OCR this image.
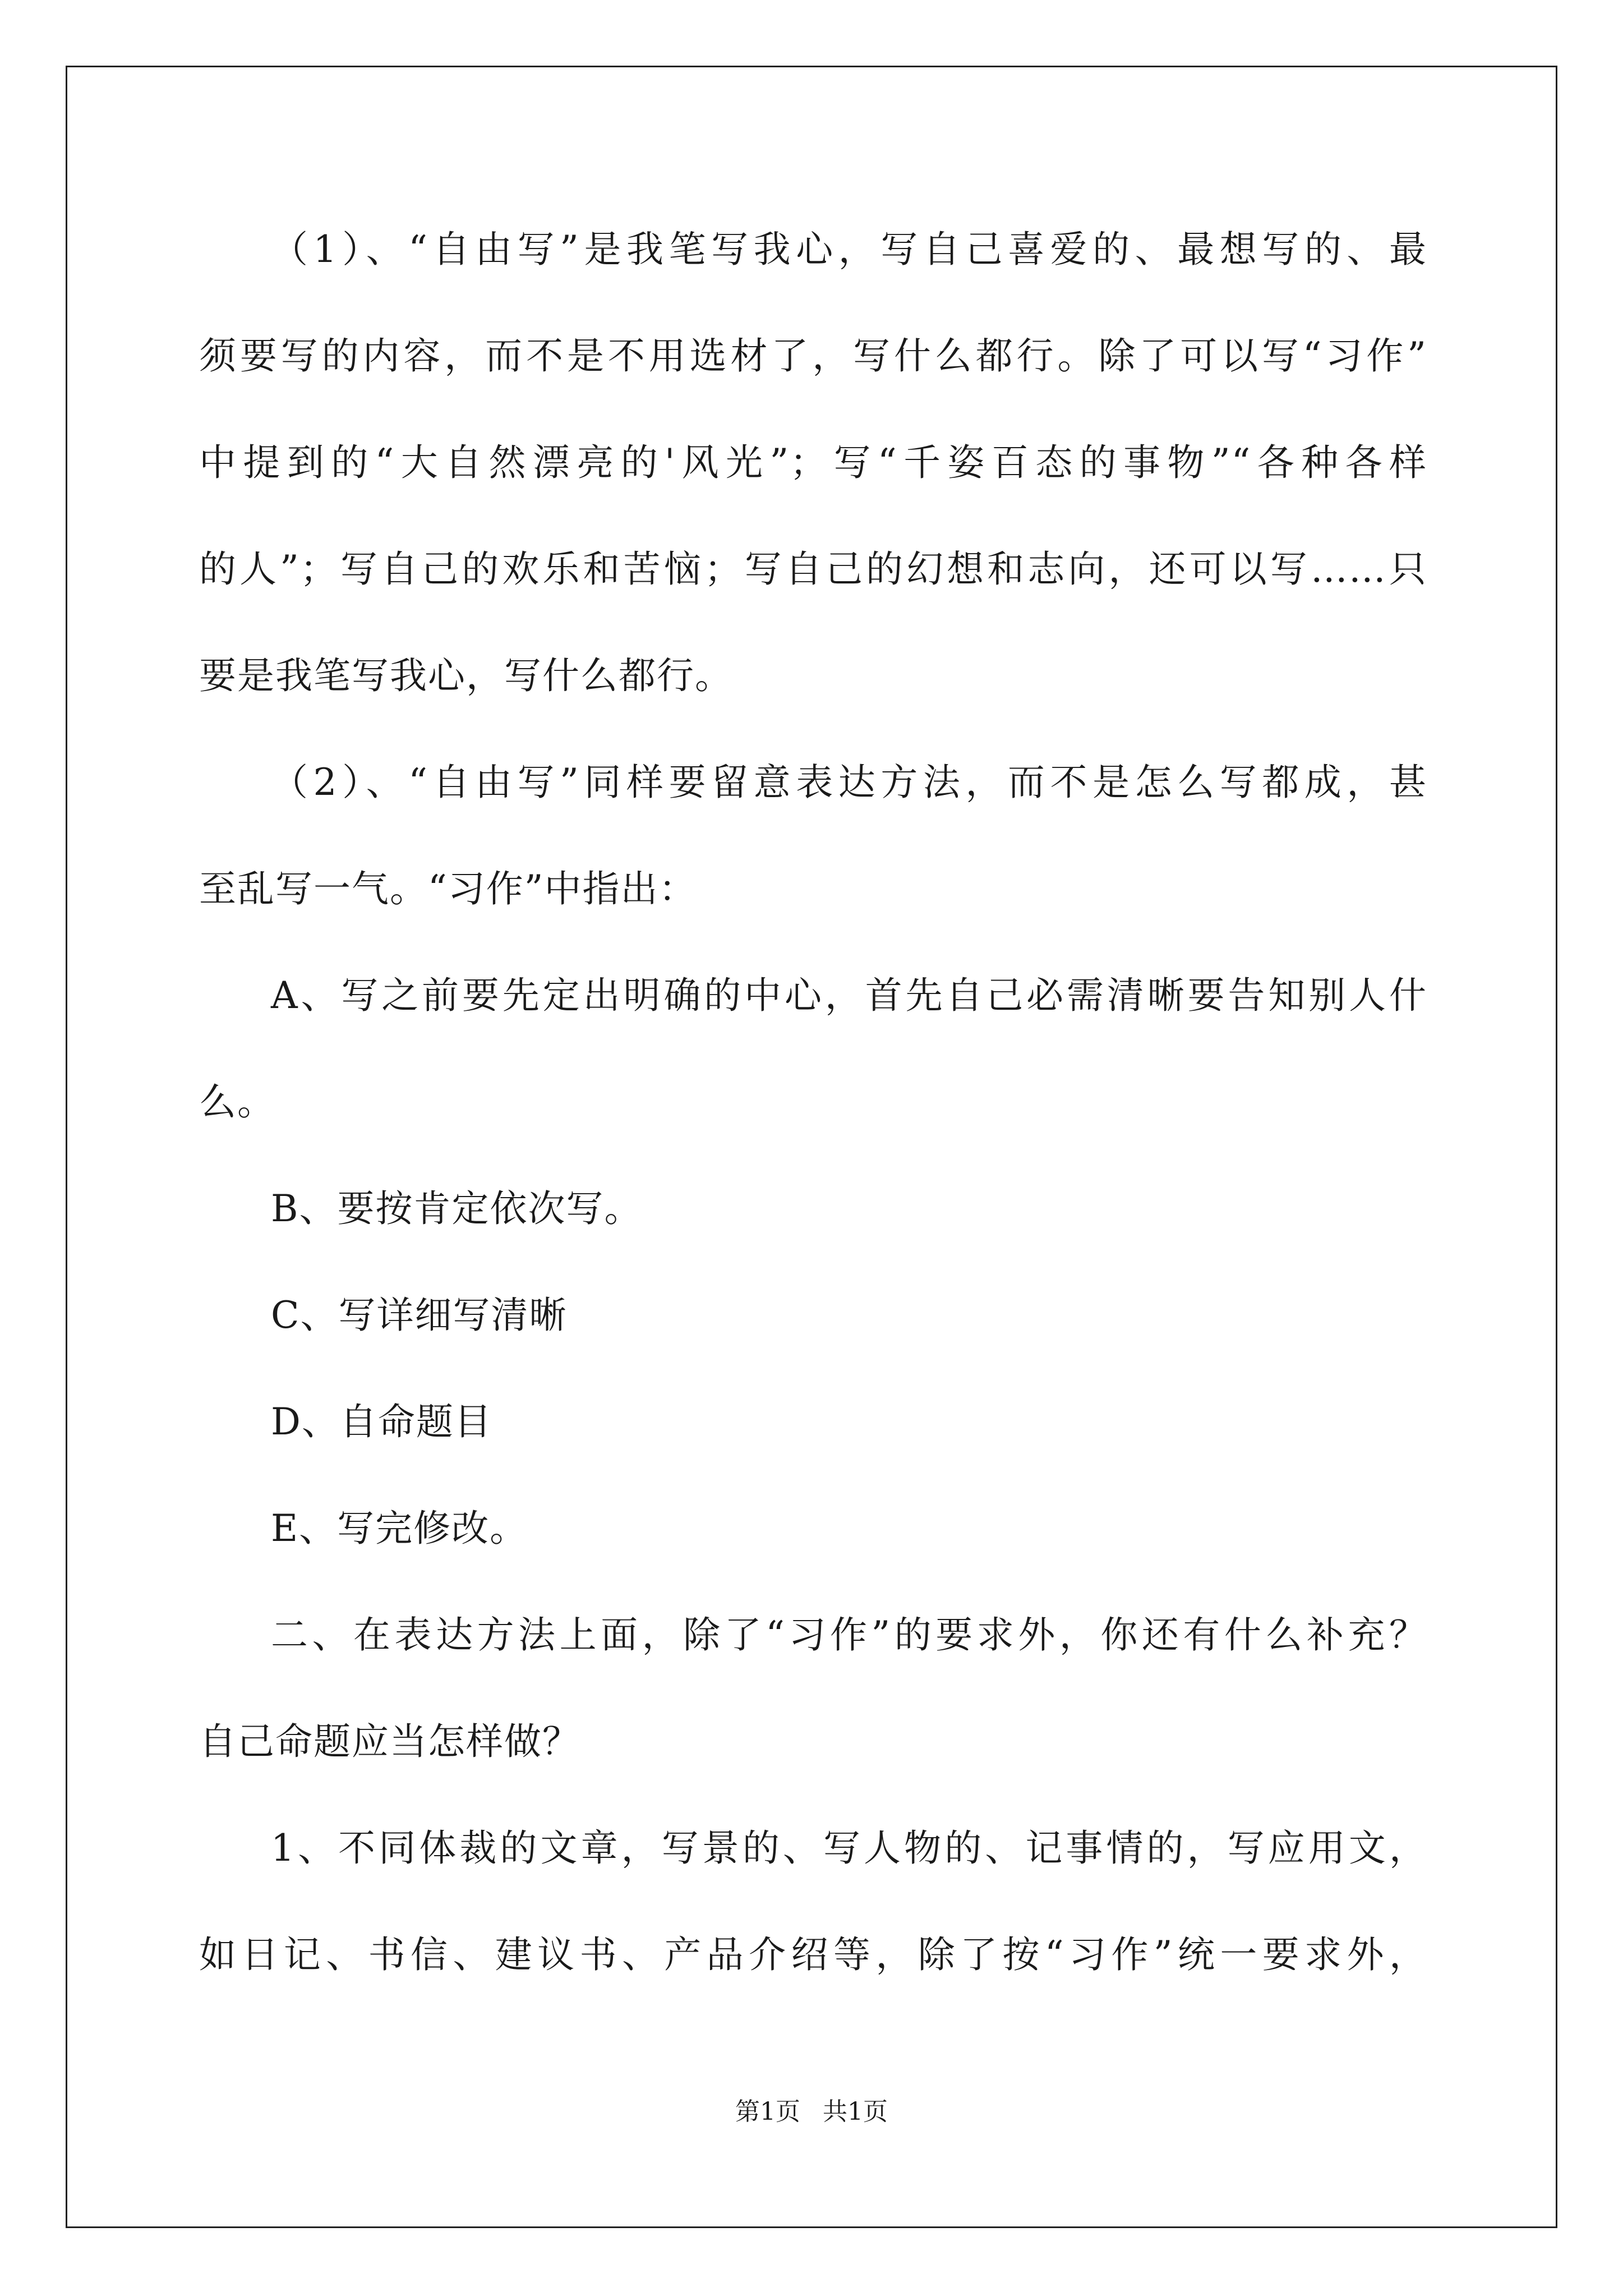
（1）、“自由写”是我笔写我心，写自己喜爱的、最想写的、最
须要写的内容，而不是不用选材了，写什么都行。除了可以写“习作”
中提到的“大自然漂亮的'风光”；写“千姿百态的事物”“各种各样
的人”；写自己的欢乐和苦恼；写自己的幻想和志向，还可以写……只
要是我笔写我心，写什么都行。
（2）、“自由写”同样要留意表达方法，而不是怎么写都成，甚
至乱写一气。“习作”中指出：
A、写之前要先定出明确的中心，首先自己必需清晰要告知别人什
么。
B、要按肯定依次写。
C、写详细写清晰
D、自命题目
E、写完修改。
二、在表达方法上面，除了“习作”的要求外，你还有什么补充？
自己命题应当怎样做？
1、不同体裁的文章，写景的、写人物的、记事情的，写应用文，
如日记、书信、建议书、产品介绍等，除了按“习作”统一要求外，
第1页 共1页
